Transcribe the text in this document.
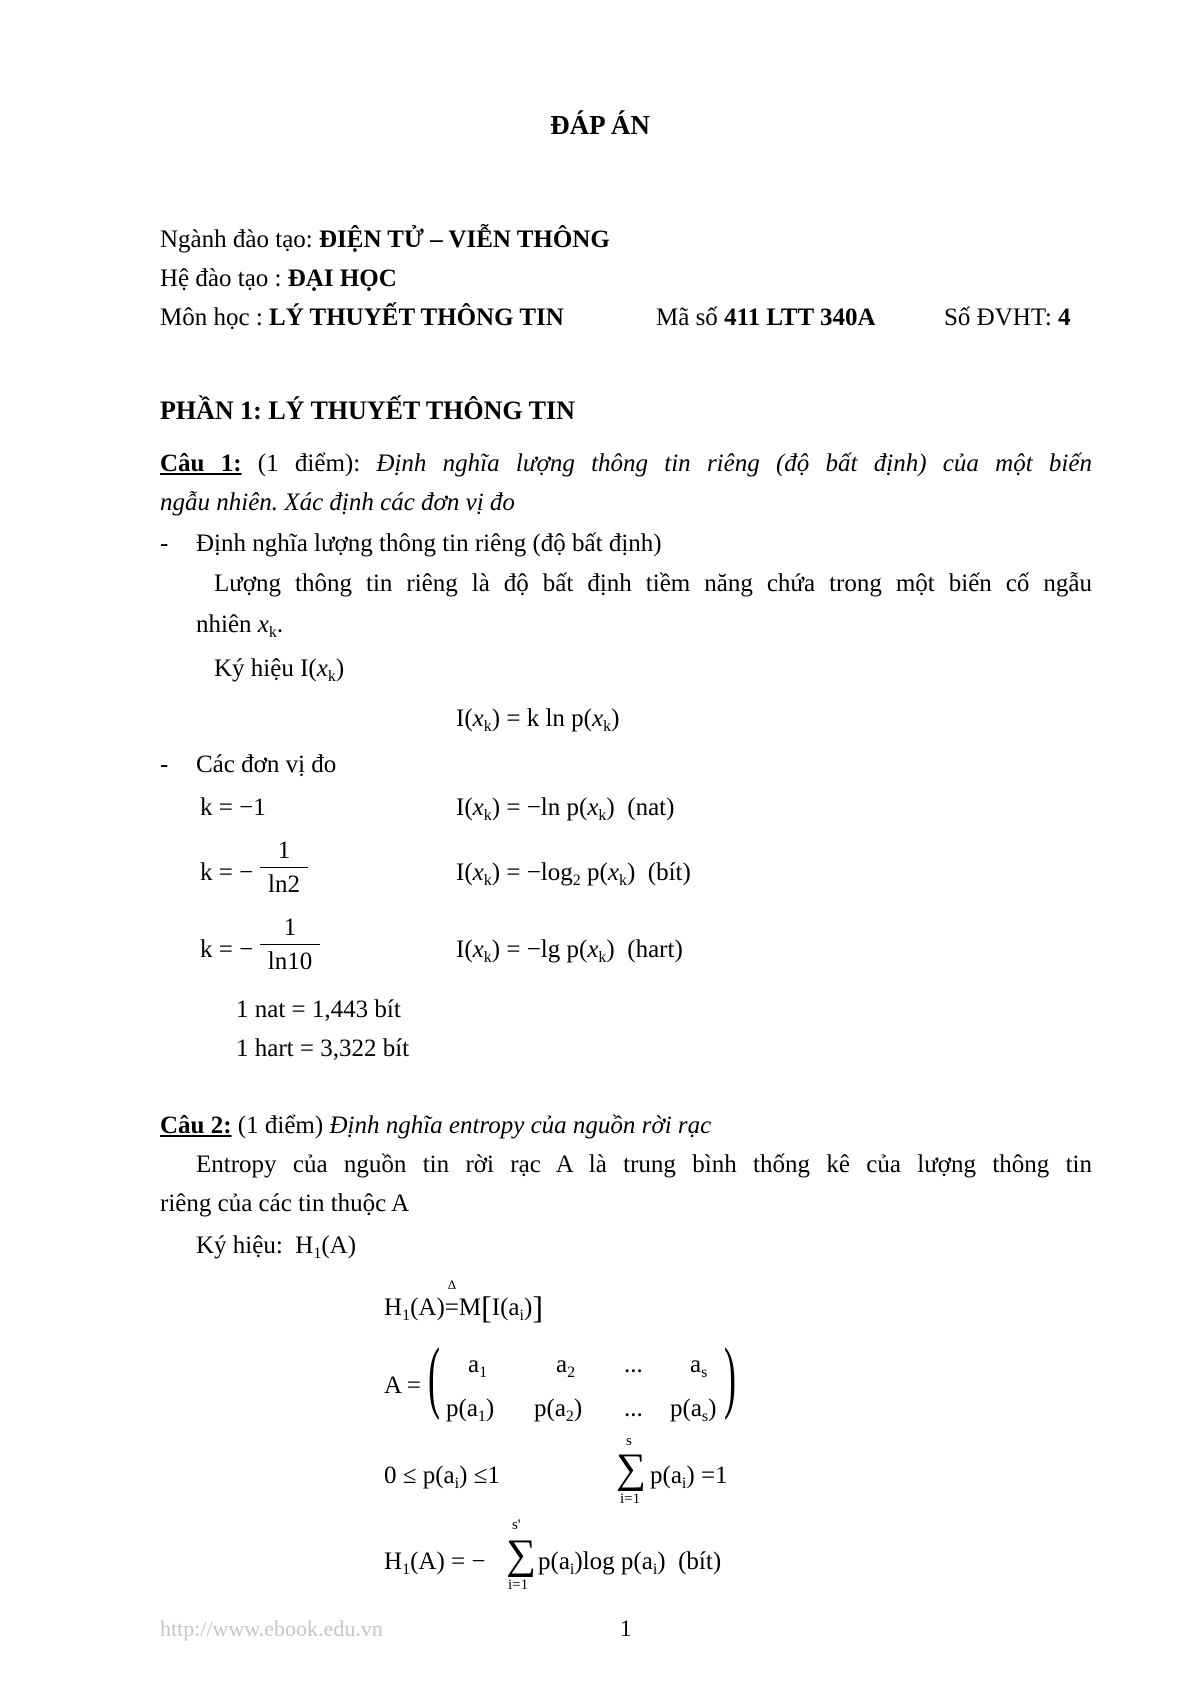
ĐÁP ÁN
Ngành đào tạo: ĐIỆN TỬ – VIỄN THÔNG
Hệ đào tạo : ĐẠI HỌC
Môn học : LÝ THUYẾT THÔNG TIN	Mã số 411 LTT 340A	Số ĐVHT: 4
PHẦN 1: LÝ THUYẾT THÔNG TIN
Câu 1: (1 điểm): Định nghĩa lượng thông tin riêng (độ bất định) của một biến
ngẫu nhiên. Xác định các đơn vị đo
- Định nghĩa lượng thông tin riêng (độ bất định)
Lượng thông tin riêng là độ bất định tiềm năng chứa trong một biến cố ngẫu
nhiên $x_k$.
Ký hiệu $I(x_k)$
$I(x_k) = k$ $\ln p(x_k)$
- Các đơn vị đo
k = −1	$I(x_k) = -\ln$ $p(x_k)$  (nat)
k = −
1
ln2	$I(x_k) = -\log_2$ $p(x_k)$  (bít)
k = −
1
ln10	$I(x_k) = -\lg$ $p(x_k)$  (hart)
1 nat = 1,443 bít
1 hart = 3,322 bít
Câu 2: (1 điểm) Định nghĩa entropy của nguồn rời rạc
Entropy của nguồn tin rời rạc A là trung bình thống kê của lượng thông tin
riêng của các tin thuộc A
Ký hiệu:  $H_1(A)$
$H_1(A)=$
Δ
$M[I(a_i)]$
A = (	)
$a_1$	$a_2$ ... $a_s$
$p(a_1)$ $p(a_2)$ ... $p(a_s)$
$0 \le p(a_i) \le 1$
s
∑
i=1
$p(a_i) =1$
$H_1(A)$ = −
s'
∑
i=1
$p(a_i)\log$ $p(a_i)$  (bít)
http://www.ebook.edu.vn	1
